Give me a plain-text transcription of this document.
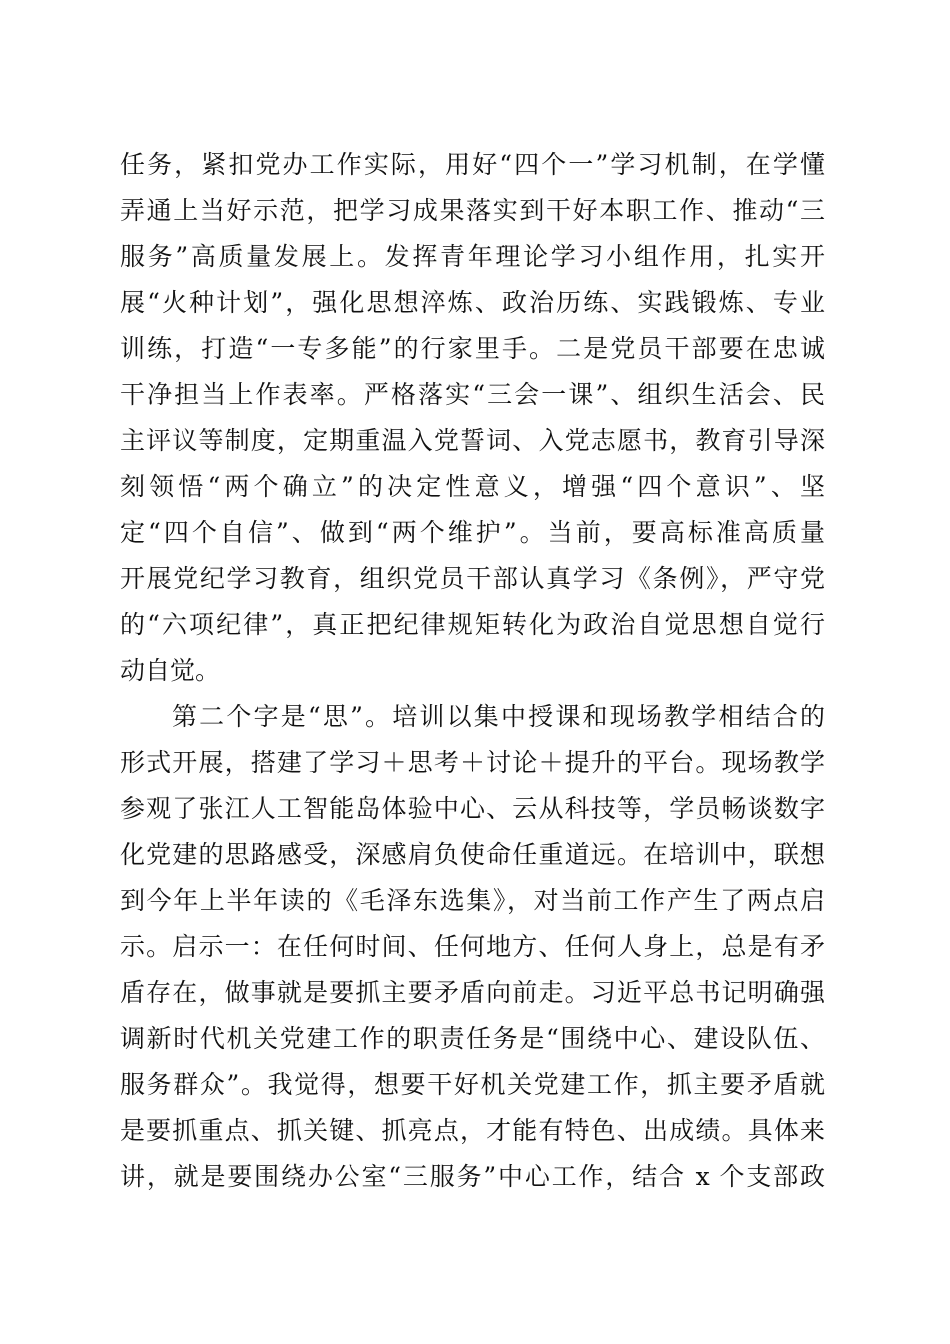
任务，紧扣党办工作实际，用好“四个一”学习机制，在学懂
弄通上当好示范，把学习成果落实到干好本职工作、推动“三
服务”高质量发展上。发挥青年理论学习小组作用，扎实开
展“火种计划”，强化思想淬炼、政治历练、实践锻炼、专业
训练，打造“一专多能”的行家里手。二是党员干部要在忠诚
干净担当上作表率。严格落实“三会一课”、组织生活会、民
主评议等制度，定期重温入党誓词、入党志愿书，教育引导深
刻领悟“两个确立”的决定性意义，增强“四个意识”、坚
定“四个自信”、做到“两个维护”。当前，要高标准高质量
开展党纪学习教育，组织党员干部认真学习《条例》，严守党
的“六项纪律”，真正把纪律规矩转化为政治自觉思想自觉行
动自觉。
第二个字是“思”。培训以集中授课和现场教学相结合的
形式开展，搭建了学习＋思考＋讨论＋提升的平台。现场教学
参观了张江人工智能岛体验中心、云从科技等，学员畅谈数字
化党建的思路感受，深感肩负使命任重道远。在培训中，联想
到今年上半年读的《毛泽东选集》，对当前工作产生了两点启
示。启示一：在任何时间、任何地方、任何人身上，总是有矛
盾存在，做事就是要抓主要矛盾向前走。习近平总书记明确强
调新时代机关党建工作的职责任务是“围绕中心、建设队伍、
服务群众”。我觉得，想要干好机关党建工作，抓主要矛盾就
是要抓重点、抓关键、抓亮点，才能有特色、出成绩。具体来
讲，就是要围绕办公室“三服务”中心工作，结合 x 个支部政
